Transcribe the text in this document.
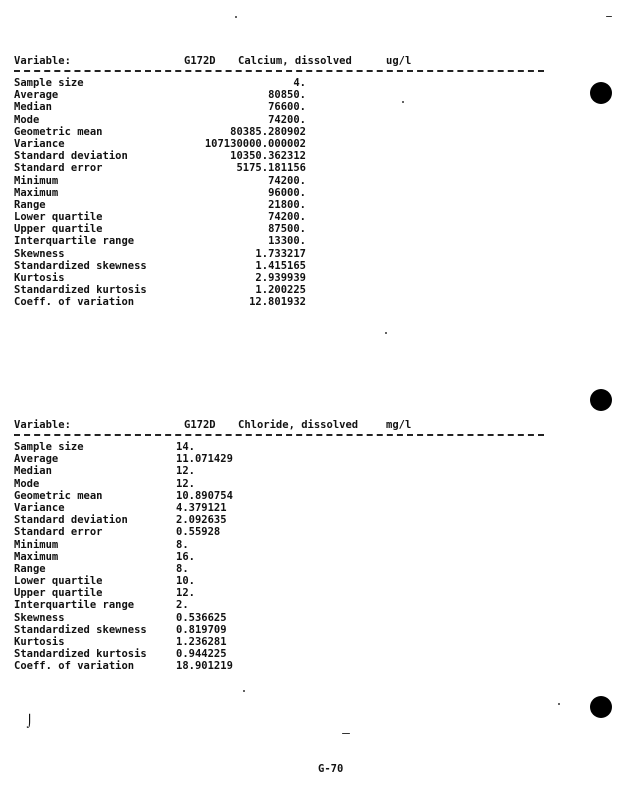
Variable:	G172D Calcium, dissolved	ug/l
Sample size	4.
Average	80850.
Median	76600.
Mode	74200.
Geometric mean	80385.280902
Variance	107130000.000002
Standard deviation	10350.362312
Standard error	5175.181156
Minimum	74200.
Maximum	96000.
Range	21800.
Lower quartile	74200.
Upper quartile	87500.
Interquartile range	13300.
Skewness	1.733217
Standardized skewness	1.415165
Kurtosis	2.939939
Standardized kurtosis	1.200225
Coeff. of variation	12.801932
Variable:	G172D Chloride, dissolved	mg/l
Sample size	14.
Average	11.071429
Median	12.
Mode	12.
Geometric mean	10.890754
Variance	4.379121
Standard deviation	2.092635
Standard error	0.55928
Minimum	8.
Maximum	16.
Range	8.
Lower quartile	10.
Upper quartile	12.
Interquartile range	2.
Skewness	0.536625
Standardized skewness	0.819709
Kurtosis	1.236281
Standardized kurtosis	0.944225
Coeff. of variation	18.901219
⌡
G-70
